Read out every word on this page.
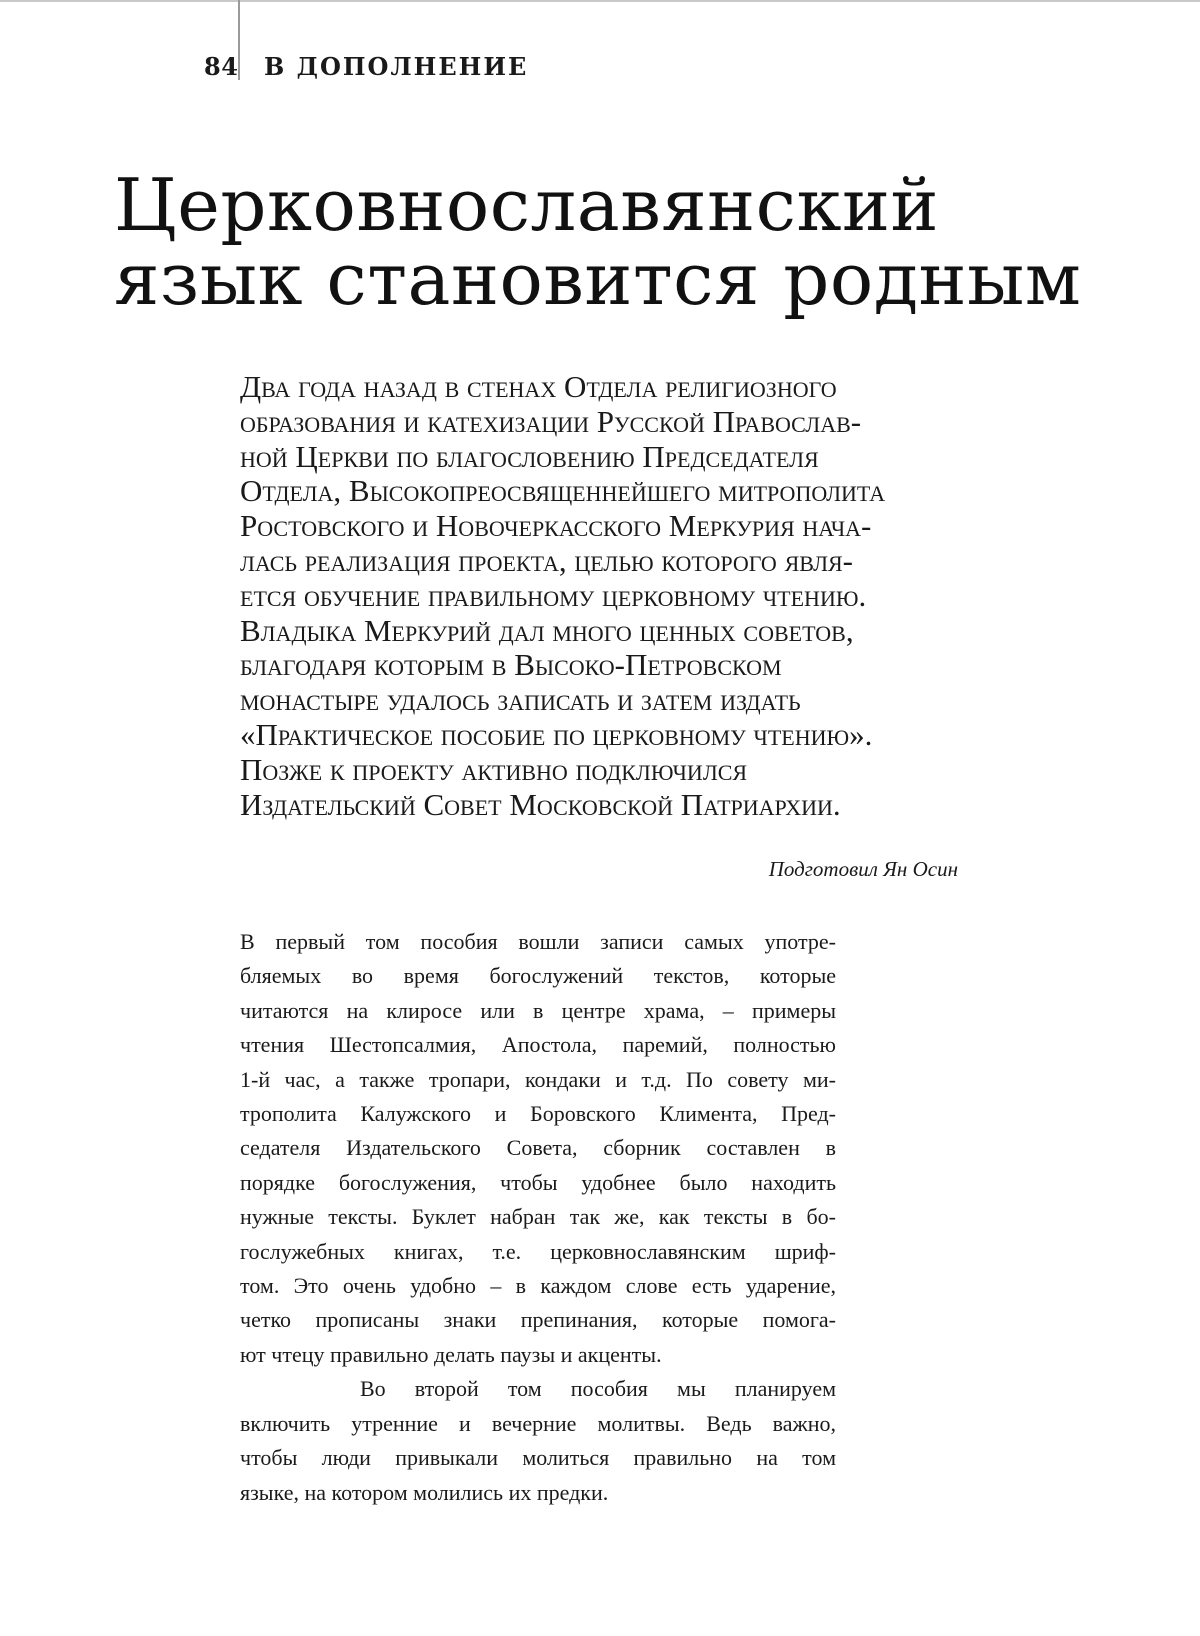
84 В ДОПОЛНЕНИЕ
Церковнославянский
язык становится родным
Два года назад в стенах Отдела религиозного
образования и катехизации Русской Православ-
ной Церкви по благословению Председателя
Отдела, Высокопреосвященнейшего митрополита
Ростовского и Новочеркасского Меркурия нача-
лась реализация проекта, целью которого явля-
ется обучение правильному церковному чтению.
Владыка Меркурий дал много ценных советов,
благодаря которым в Высоко-Петровском
монастыре удалось записать и затем издать
«Практическое пособие по церковному чтению».
Позже к проекту активно подключился
Издательский Совет Московской Патриархии.
Подготовил Ян Осин
В первый том пособия вошли записи самых употре-
бляемых во время богослужений текстов, которые
читаются на клиросе или в центре храма, – примеры
чтения Шестопсалмия, Апостола, паремий, полностью
1-й час, а также тропари, кондаки и т.д. По совету ми-
трополита Калужского и Боровского Климента, Пред-
седателя Издательского Совета, сборник составлен в
порядке богослужения, чтобы удобнее было находить
нужные тексты. Буклет набран так же, как тексты в бо-
гослужебных книгах, т.е. церковнославянским шриф-
том. Это очень удобно – в каждом слове есть ударение,
четко прописаны знаки препинания, которые помога-
ют чтецу правильно делать паузы и акценты.
Во второй том пособия мы планируем
включить утренние и вечерние молитвы. Ведь важно,
чтобы люди привыкали молиться правильно на том
языке, на котором молились их предки.
